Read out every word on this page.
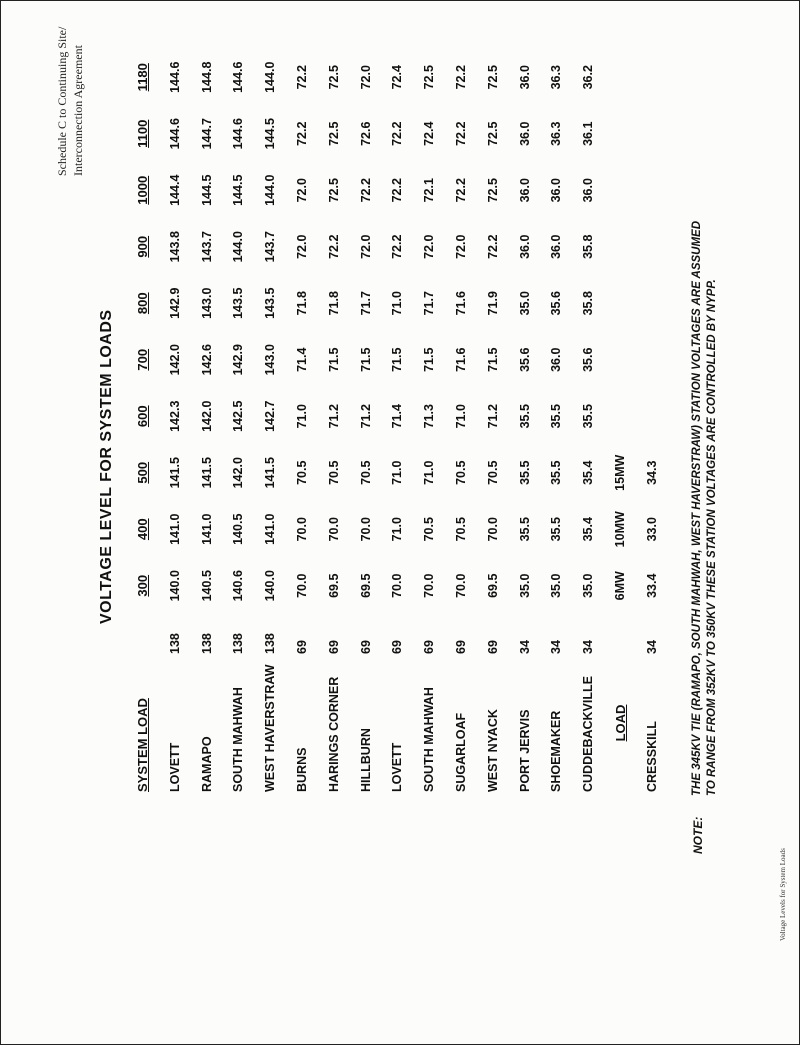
Schedule C to Continuing Site/ Interconnection Agreement
VOLTAGE LEVEL FOR SYSTEM LOADS
SYSTEM LOAD		300	400	500	600	700	800	900	1000	1100	1180
LOVETT	138	140.0	141.0	141.5	142.3	142.0	142.9	143.8	144.4	144.6	144.6
RAMAPO	138	140.5	141.0	141.5	142.0	142.6	143.0	143.7	144.5	144.7	144.8
SOUTH MAHWAH	138	140.6	140.5	142.0	142.5	142.9	143.5	144.0	144.5	144.6	144.6
WEST HAVERSTRAW	138	140.0	141.0	141.5	142.7	143.0	143.5	143.7	144.0	144.5	144.0
BURNS	69	70.0	70.0	70.5	71.0	71.4	71.8	72.0	72.0	72.2	72.2
HARINGS CORNER	69	69.5	70.0	70.5	71.2	71.5	71.8	72.2	72.5	72.5	72.5
HILLBURN	69	69.5	70.0	70.5	71.2	71.5	71.7	72.0	72.2	72.6	72.0
LOVETT	69	70.0	71.0	71.0	71.4	71.5	71.0	72.2	72.2	72.2	72.4
SOUTH MAHWAH	69	70.0	70.5	71.0	71.3	71.5	71.7	72.0	72.1	72.4	72.5
SUGARLOAF	69	70.0	70.5	70.5	71.0	71.6	71.6	72.0	72.2	72.2	72.2
WEST NYACK	69	69.5	70.0	70.5	71.2	71.5	71.9	72.2	72.5	72.5	72.5
PORT JERVIS	34	35.0	35.5	35.5	35.5	35.6	35.0	36.0	36.0	36.0	36.0
SHOEMAKER	34	35.0	35.5	35.5	35.5	36.0	35.6	36.0	36.0	36.3	36.3
CUDDEBACKVILLE	34	35.0	35.4	35.4	35.5	35.6	35.8	35.8	36.0	36.1	36.2
LOAD		6MW	10MW	15MW							
CRESSKILL	34	33.4	33.0	34.3							
NOTE:
THE 345KV TIE (RAMAPO, SOUTH MAHWAH, WEST HAVERSTRAW) STATION VOLTAGES ARE ASSUMED TO RANGE FROM 352KV TO 350KV THESE STATION VOLTAGES ARE CONTROLLED BY NYPP.
Voltage Levels for System Loads
